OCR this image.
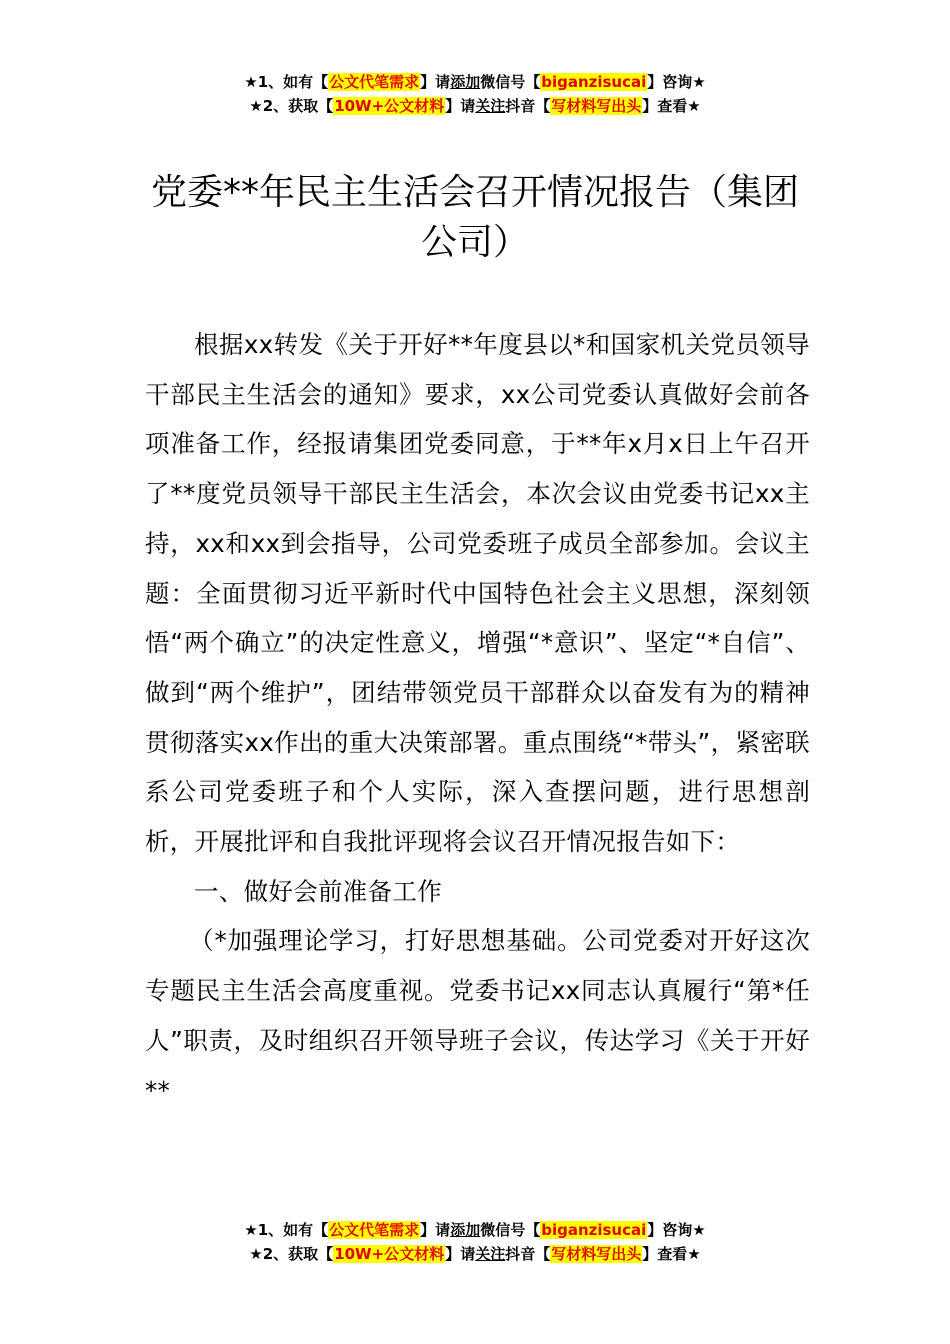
★1、如有【公文代笔需求】请添加微信号【biganzisucai】咨询★
★2、获取【10W+公文材料】请关注抖音【写材料写出头】查看★
党委**年民主生活会召开情况报告（集团公司）

根据xx转发《关于开好**年度县以*和国家机关党员领导干部民主生活会的通知》要求，xx公司党委认真做好会前各项准备工作，经报请集团党委同意，于**年x月x日上午召开了**度党员领导干部民主生活会，本次会议由党委书记xx主持，xx和xx到会指导，公司党委班子成员全部参加。会议主题：全面贯彻习近平新时代中国特色社会主义思想，深刻领悟“两个确立”的决定性意义，增强“*意识”、坚定“*自信”、做到“两个维护”，团结带领党员干部群众以奋发有为的精神贯彻落实xx作出的重大决策部署。重点围绕“*带头”，紧密联系公司党委班子和个人实际，深入查摆问题，进行思想剖析，开展批评和自我批评现将会议召开情况报告如下：

一、做好会前准备工作

（*加强理论学习，打好思想基础。公司党委对开好这次专题民主生活会高度重视。党委书记xx同志认真履行“第*任人”职责，及时组织召开领导班子会议，传达学习《关于开好**

★1、如有【公文代笔需求】请添加微信号【biganzisucai】咨询★
★2、获取【10W+公文材料】请关注抖音【写材料写出头】查看★
